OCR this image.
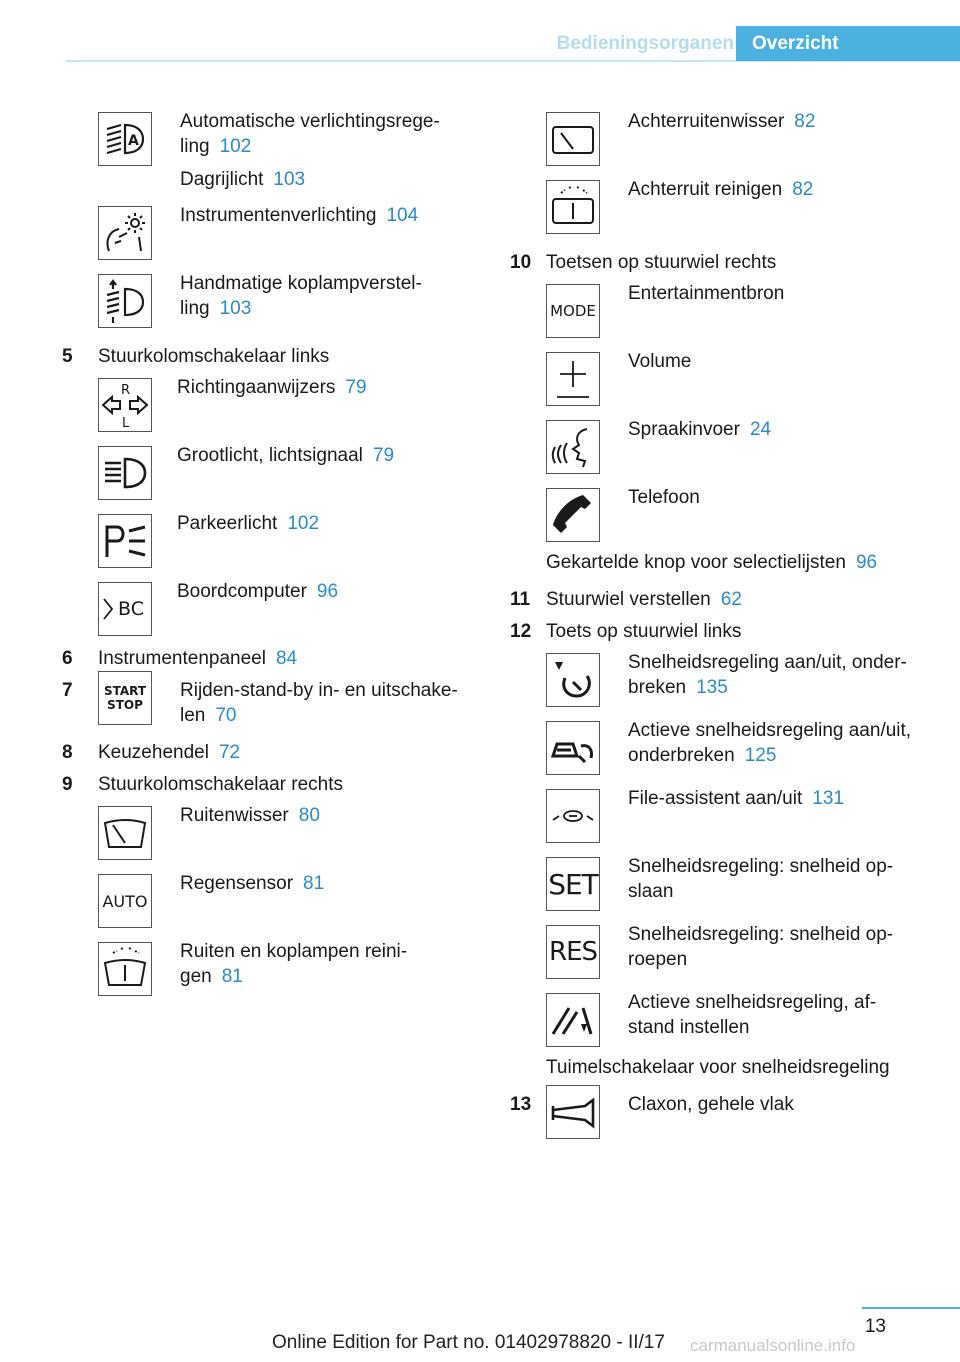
Bedieningsorganen Overzicht
A

Automatische verlichtingsrege-
ling 102

Dagrijlicht 103

Instrumentenverlichting 104
Handmatige koplampverstel-
ling 103
5	Stuurkolomschakelaar links
R
L
Richtingaanwijzers 79
Grootlicht, lichtsignaal 79
Parkeerlicht 102
BC
Boordcomputer 96
6	Instrumentenpaneel 84
7	START
STOP
Rijden-stand-by in- en uitschake-
len 70
8	Keuzehendel 72
9	Stuurkolomschakelaar rechts
Ruitenwisser 80
AUTO
Regensensor 81
Ruiten en koplampen reini-
gen 81
Achterruitenwisser 82
Achterruit reinigen 82
10 Toetsen op stuurwiel rechts
MODE
Entertainmentbron
Volume
Spraakinvoer 24
Telefoon
Gekartelde knop voor selectielijsten 96
11 Stuurwiel verstellen 62
12 Toets op stuurwiel links
Snelheidsregeling aan/uit, onder-
breken 135
Actieve snelheidsregeling aan/uit,
onderbreken 125
File-assistent aan/uit 131
SET
Snelheidsregeling: snelheid op-
slaan
RES
Snelheidsregeling: snelheid op-
roepen
Actieve snelheidsregeling, af-
stand instellen
Tuimelschakelaar voor snelheidsregeling
13	Claxon, gehele vlak
13
Online Edition for Part no. 01402978820 - II/17 carmanualsonline.info
